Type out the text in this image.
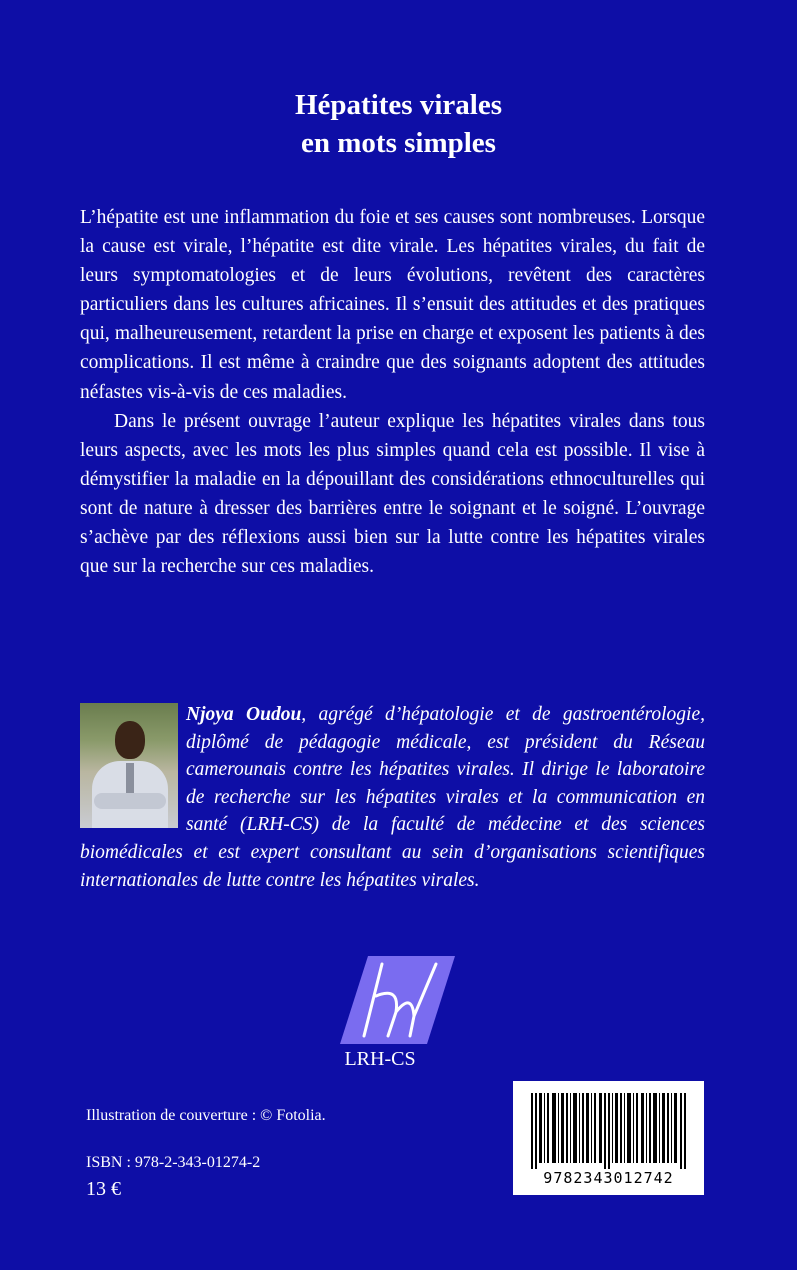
Hépatites virales
en mots simples

L’hépatite est une inflammation du foie et ses causes sont nombreuses. Lorsque la cause est virale, l’hépatite est dite virale. Les hépatites virales, du fait de leurs symptomatologies et de leurs évolutions, revêtent des caractères particuliers dans les cultures africaines. Il s’ensuit des attitudes et des pratiques qui, malheureusement, retardent la prise en charge et exposent les patients à des complications. Il est même à craindre que des soignants adoptent des attitudes néfastes vis-à-vis de ces maladies.

Dans le présent ouvrage l’auteur explique les hépatites virales dans tous leurs aspects, avec les mots les plus simples quand cela est possible. Il vise à démystifier la maladie en la dépouillant des considérations ethnoculturelles qui sont de nature à dresser des barrières entre le soignant et le soigné. L’ouvrage s’achève par des réflexions aussi bien sur la lutte contre les hépatites virales que sur la recherche sur ces maladies.

Njoya Oudou, agrégé d’hépatologie et de gastroentérologie, diplômé de pédagogie médicale, est président du Réseau camerounais contre les hépatites virales. Il dirige le laboratoire de recherche sur les hépatites virales et la communication en santé (LRH-CS) de la faculté de médecine et des sciences biomédicales et est expert consultant au sein d’organisations scientifiques internationales de lutte contre les hépatites virales.
LRH-CS
Illustration de couverture : © Fotolia.
ISBN : 978-2-343-01274-2
13 €	9782343012742
